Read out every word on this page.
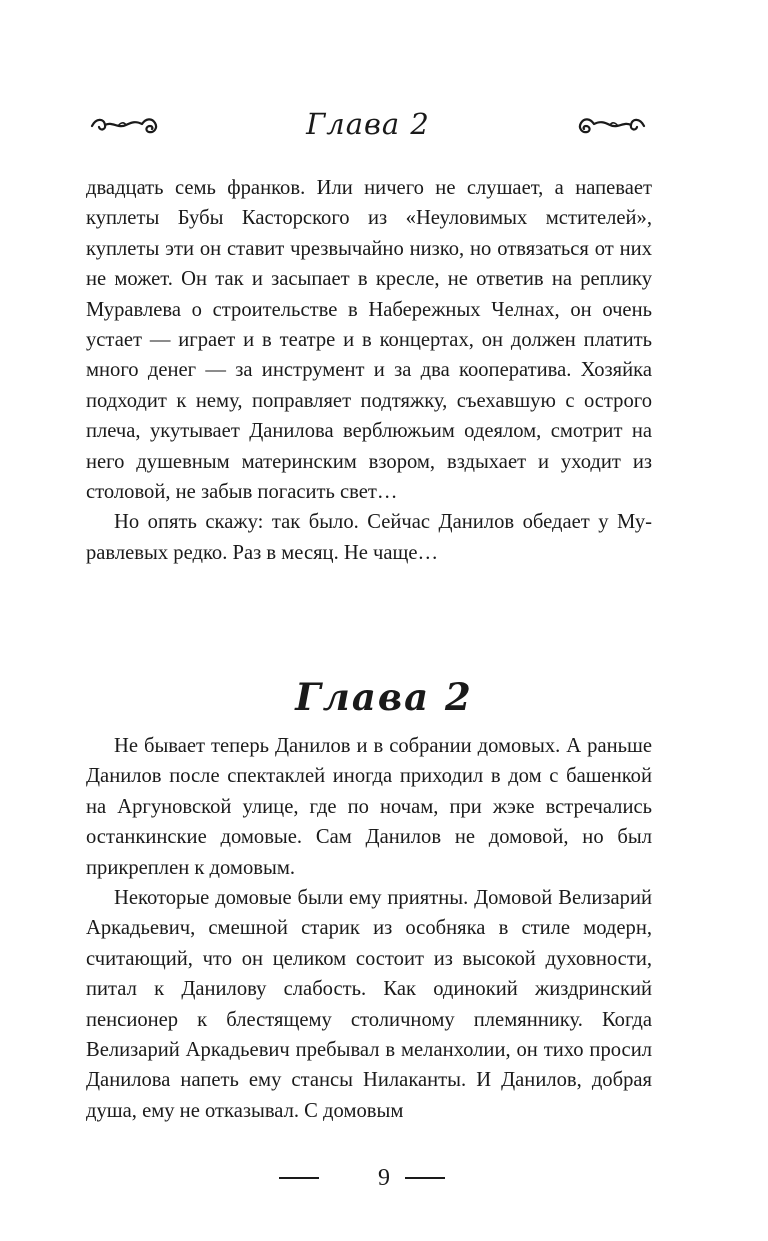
Глава 2

двадцать семь франков. Или ничего не слушает, а напевает куплеты Бубы Касторского из «Неуловимых мстителей», куплеты эти он ставит чрезвычайно низко, но отвязаться от них не может. Он так и засыпает в кресле, не ответив на реплику Муравлева о строительстве в Набережных Челнах, он очень устает — играет и в театре и в концертах, он должен платить много денег — за инструмент и за два кооператива. Хозяйка подходит к нему, поправляет подтяжку, съехавшую с острого плеча, укутывает Данилова верблюжьим одеялом, смотрит на него душевным материнским взором, вздыхает и уходит из столовой, не забыв погасить свет…

Но опять скажу: так было. Сейчас Данилов обедает у Муравлевых редко. Раз в месяц. Не чаще…

Глава 2

Не бывает теперь Данилов и в собрании домовых. А раньше Данилов после спектаклей иногда приходил в дом с башенкой на Аргуновской улице, где по ночам, при жэке встречались останкинские домовые. Сам Данилов не домовой, но был прикреплен к домовым.

Некоторые домовые были ему приятны. Домовой Велизарий Аркадьевич, смешной старик из особняка в стиле модерн, считающий, что он целиком состоит из высокой духовности, питал к Данилову слабость. Как одинокий жиздринский пенсионер к блестящему столичному племяннику. Когда Велизарий Аркадьевич пребывал в меланхолии, он тихо просил Данилова напеть ему стансы Нилаканты. И Данилов, добрая душа, ему не отказывал. С домовым

9
